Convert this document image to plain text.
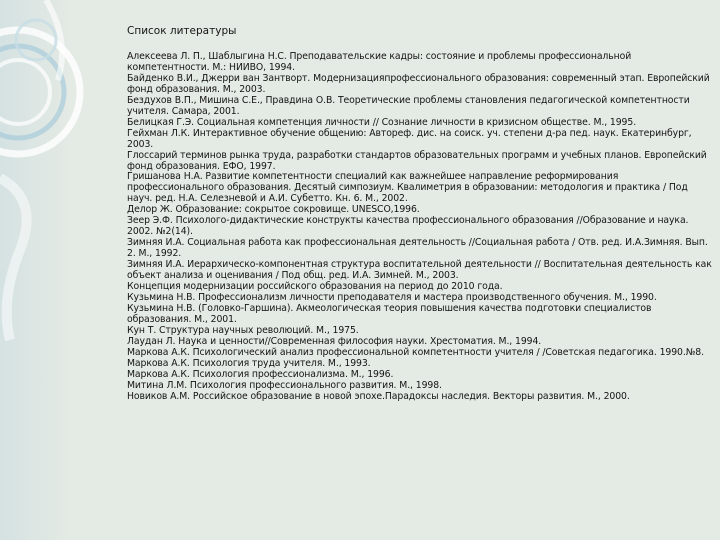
Список литературы
Алексеева Л. П., Шаблыгина Н.С. Преподавательские кадры: состояние и проблемы профессиональной компетентности. М.: НИИВО, 1994.
Байденко В.И., Джерри ван Зантворт. Модернизацияпрофессионального образования: современный этап. Европейский фонд образования. М., 2003.
Бездухов В.П., Мишина С.Е., Правдина О.В. Теоретические проблемы становления педагогической компетентности учителя. Самара, 2001.
Белицкая Г.Э. Социальная компетенция личности // Сознание личности в кризисном обществе. М., 1995.
Гейхман Л.К. Интерактивное обучение общению: Автореф. дис. на соиск. уч. степени д-ра пед. наук. Екатеринбург, 2003.
Глоссарий терминов рынка труда, разработки стандартов образовательных программ и учебных планов. Европейский фонд образования. ЕФО, 1997.
Гришанова Н.А. Развитие компетентности специалий как важнейшее направление реформирования профессионального образования. Десятый симпозиум. Квалиметрия в образовании: методология и практика / Под науч. ред. Н.А. Селезневой и А.И. Субетто. Кн. 6. М., 2002.
Делор Ж. Образование: сокрытое сокровище. UNESCO,1996.
Зеер Э.Ф. Психолого-дидактические конструкты качества профессионального образования //Образование и наука. 2002. №2(14).
Зимняя И.А. Социальная работа как профессиональная деятельность //Социальная работа / Отв. ред. И.А.Зимняя. Вып. 2. М., 1992.
Зимняя И.А. Иерархическо-компонентная структура воспитательной деятельности // Воспитательная деятельность как объект анализа и оценивания / Под общ. ред. И.А. Зимней. М., 2003.
Концепция модернизации российского образования на период до 2010 года.
Кузьмина Н.В. Профессионализм личности преподавателя и мастера производственного обучения. М., 1990.
Кузьмина Н.В. (Головко-Гаршина). Акмеологическая теория повышения качества подготовки специалистов образования. М., 2001.
Кун Т. Структура научных революций. М., 1975.
Лаудан Л. Наука и ценности//Современная философия науки. Хрестоматия. М., 1994.
Маркова А.К. Психологический анализ профессиональной компетентности учителя / /Советская педагогика. 1990.№8.
Маркова А.К. Психология труда учителя. М., 1993.
Маркова А.К. Психология профессионализма. М., 1996.
Митина Л.М. Психология профессионального развития. М., 1998.
Новиков А.М. Российское образование в новой эпохе.Парадоксы наследия. Векторы развития. М., 2000.
